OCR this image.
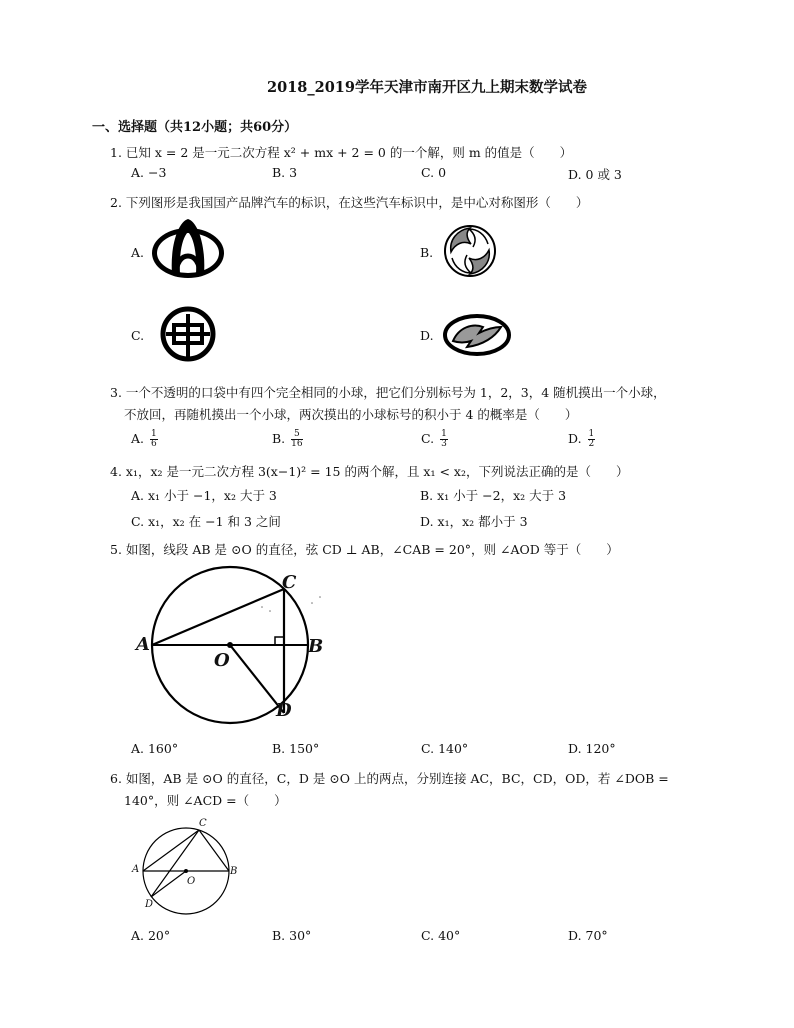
2018_2019学年天津市南开区九上期末数学试卷
一、选择题（共12小题；共60分）
1. 已知 x = 2 是一元二次方程 x² + mx + 2 = 0 的一个解，则 m 的值是（　　）
A. −3	B. 3	C. 0	D. 0 或 3
2. 下列图形是我国国产品牌汽车的标识，在这些汽车标识中，是中心对称图形（　　）
A.	B.
C.	D.
3. 一个不透明的口袋中有四个完全相同的小球，把它们分别标号为 1，2，3，4 随机摸出一个小球，
不放回，再随机摸出一个小球，两次摸出的小球标号的积小于 4 的概率是（　　）
A. $\frac{1}{6}$	B. $\frac{5}{16}$	C. $\frac{1}{3}$	D. $\frac{1}{2}$
4. x₁，x₂ 是一元二次方程 3(x−1)² = 15 的两个解，且 x₁ < x₂，下列说法正确的是（　　）
A. x₁ 小于 −1，x₂ 大于 3	B. x₁ 小于 −2，x₂ 大于 3
C. x₁，x₂ 在 −1 和 3 之间	D. x₁，x₂ 都小于 3
5. 如图，线段 AB 是 ⊙O 的直径，弦 CD ⊥ AB，∠CAB = 20°，则 ∠AOD 等于（　　）
A	B
C
D
O
A. 160°	B. 150°	C. 140°	D. 120°
6. 如图，AB 是 ⊙O 的直径，C，D 是 ⊙O 上的两点，分别连接 AC，BC，CD，OD，若 ∠DOB =
140°，则 ∠ACD =（　　）
A	B
C
D
O
A. 20°	B. 30°	C. 40°	D. 70°
